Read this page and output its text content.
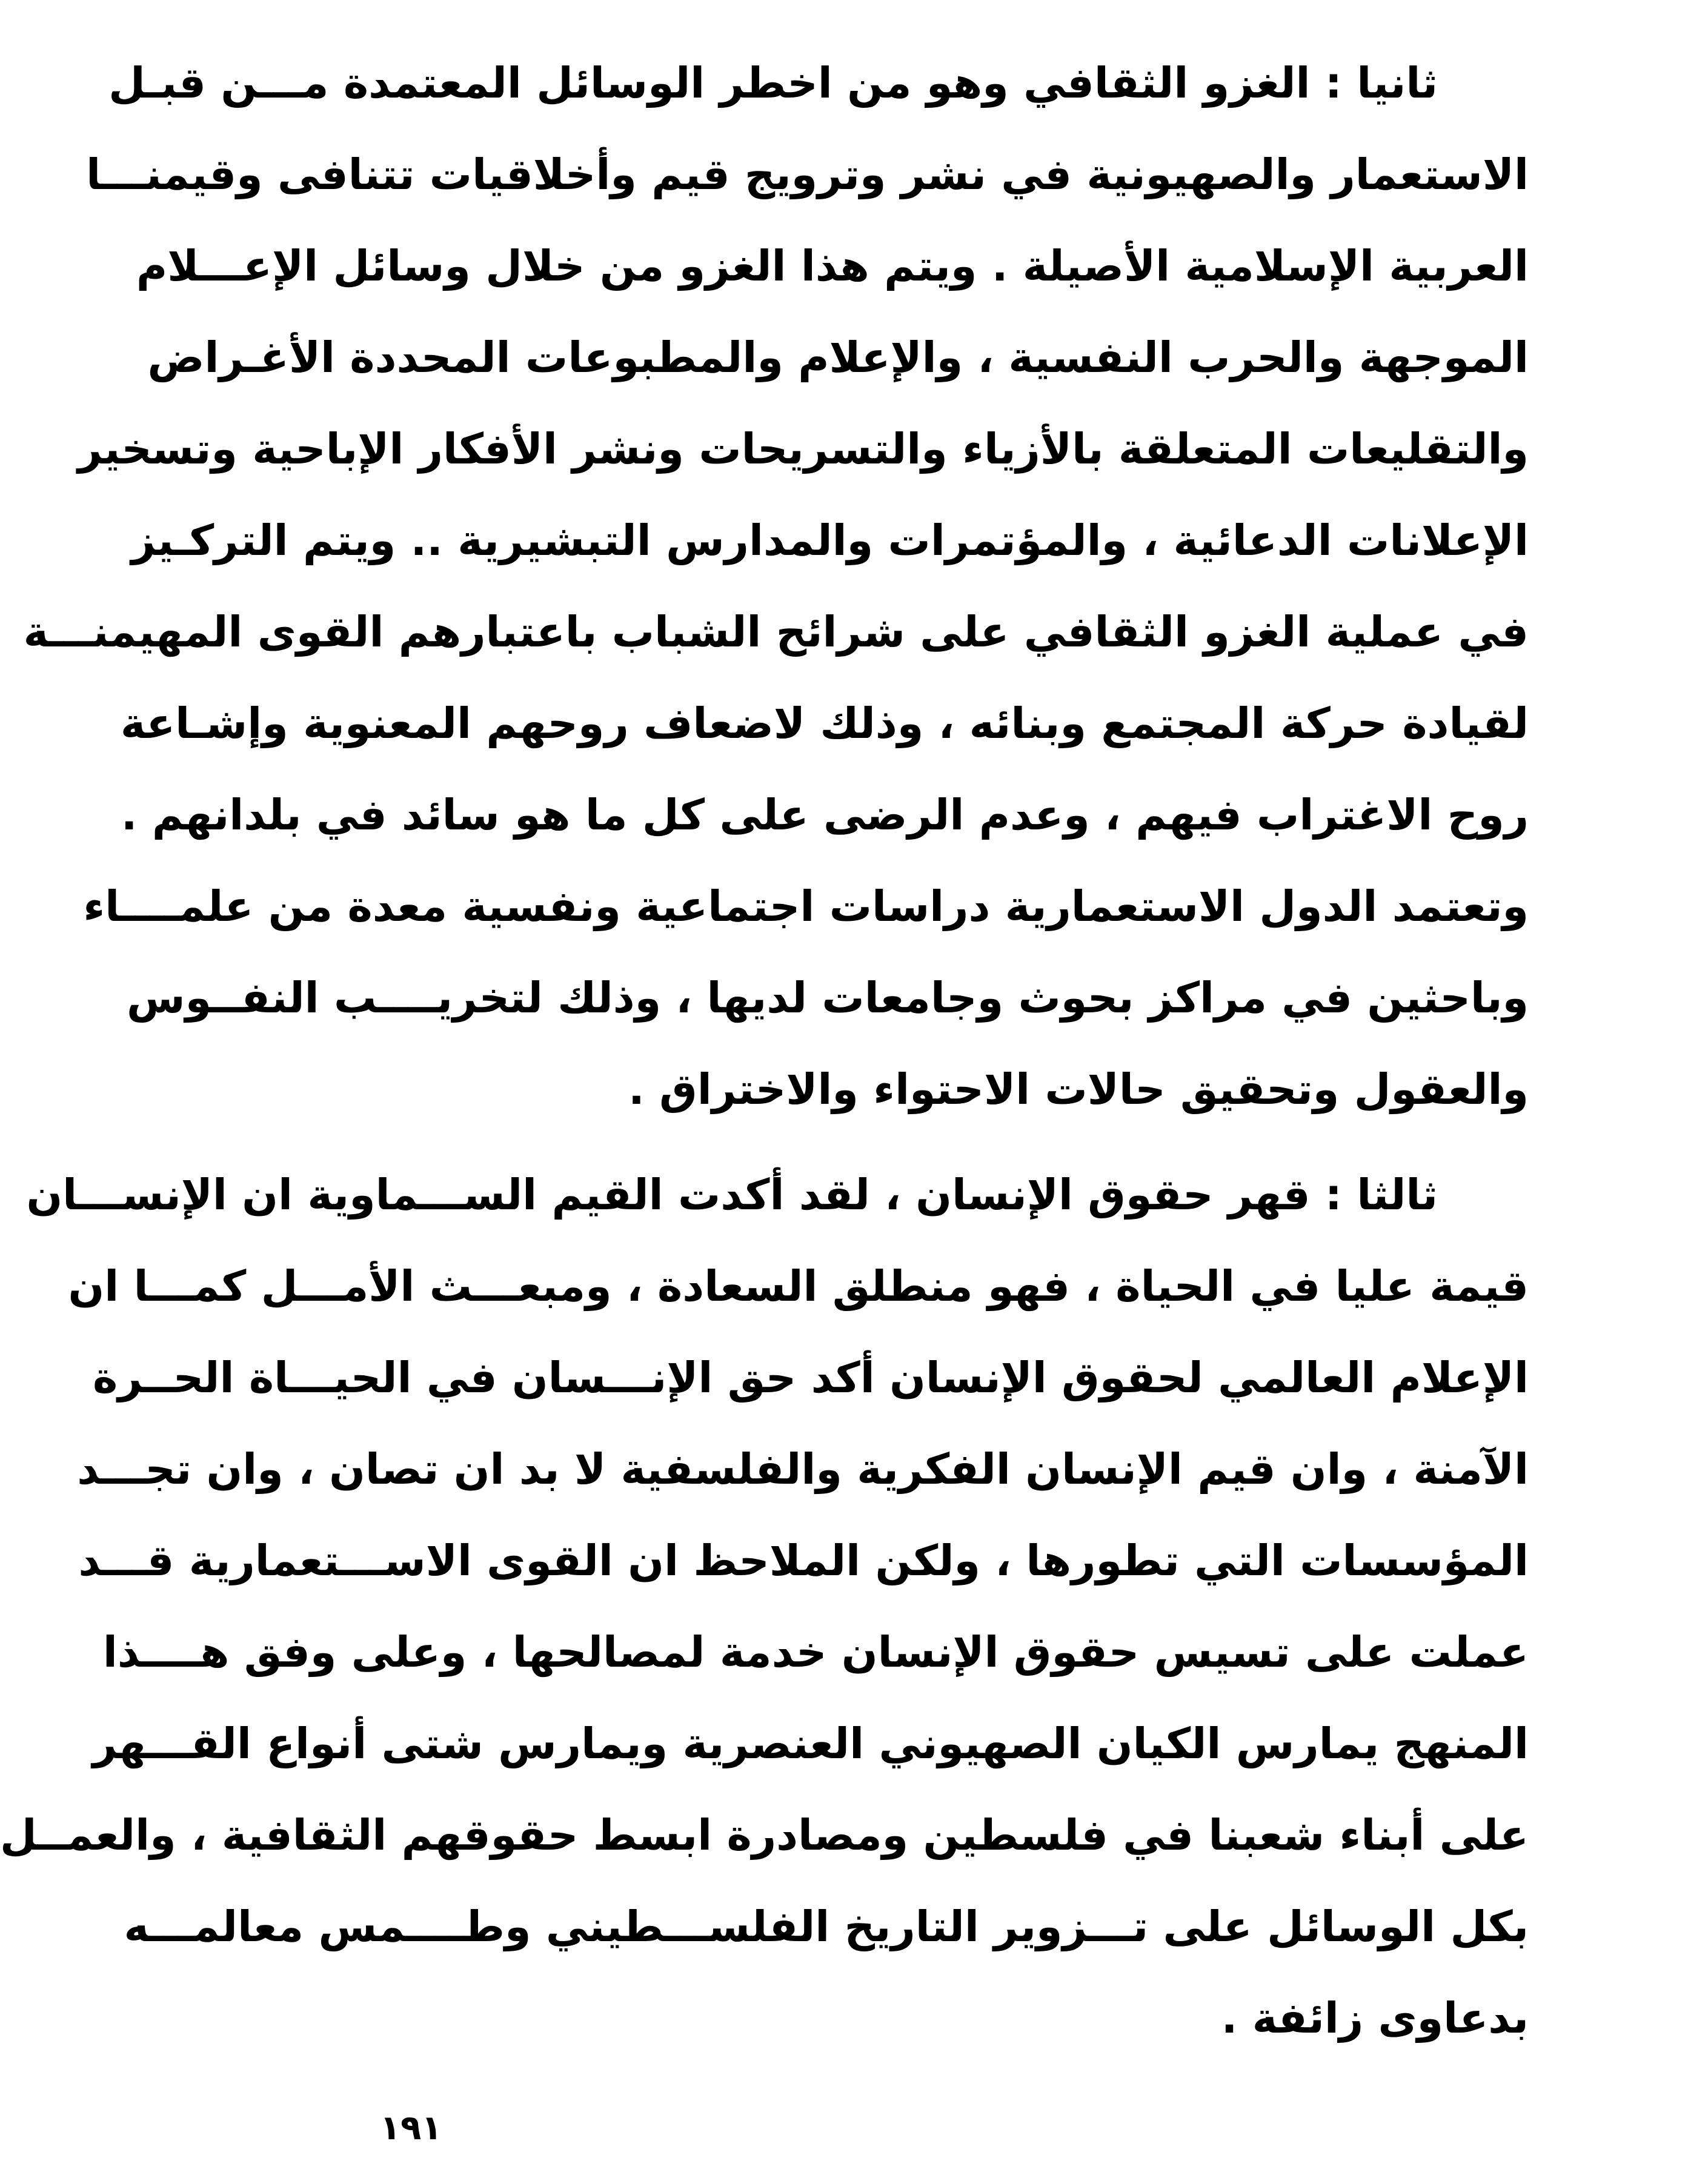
ثانيا : الغزو الثقافي وهو من اخطر الوسائل المعتمدة مـــن قبـل
الاستعمار والصهيونية في نشر وترويج قيم وأخلاقيات تتنافى وقيمنـــا
العربية الإسلامية الأصيلة . ويتم هذا الغزو من خلال وسائل الإعـــلام
الموجهة والحرب النفسية ، والإعلام والمطبوعات المحددة الأغـراض
والتقليعات المتعلقة بالأزياء والتسريحات ونشر الأفكار الإباحية وتسخير
الإعلانات الدعائية ، والمؤتمرات والمدارس التبشيرية .. ويتم التركـيز
في عملية الغزو الثقافي على شرائح الشباب باعتبارهم القوى المهيمنـــة
لقيادة حركة المجتمع وبنائه ، وذلك لاضعاف روحهم المعنوية وإشـاعة
روح الاغتراب فيهم ، وعدم الرضى على كل ما هو سائد في بلدانهم .
وتعتمد الدول الاستعمارية دراسات اجتماعية ونفسية معدة من علمــــاء
وباحثين في مراكز بحوث وجامعات لديها ، وذلك لتخريــــب النفــوس
والعقول وتحقيق حالات الاحتواء والاختراق .
ثالثا : قهر حقوق الإنسان ، لقد أكدت القيم الســـماوية ان الإنســـان
قيمة عليا في الحياة ، فهو منطلق السعادة ، ومبعـــث الأمـــل كمـــا ان
الإعلام العالمي لحقوق الإنسان أكد حق الإنـــسان في الحيـــاة الحــرة
الآمنة ، وان قيم الإنسان الفكرية والفلسفية لا بد ان تصان ، وان تجـــد
المؤسسات التي تطورها ، ولكن الملاحظ ان القوى الاســـتعمارية قـــد
عملت على تسيس حقوق الإنسان خدمة لمصالحها ، وعلى وفق هــــذا
المنهج يمارس الكيان الصهيوني العنصرية ويمارس شتى أنواع القـــهر
على أبناء شعبنا في فلسطين ومصادرة ابسط حقوقهم الثقافية ، والعمــل
بكل الوسائل على تـــزوير التاريخ الفلســـطيني وطــــمس معالمـــه
بدعاوى زائفة .
١٩١
